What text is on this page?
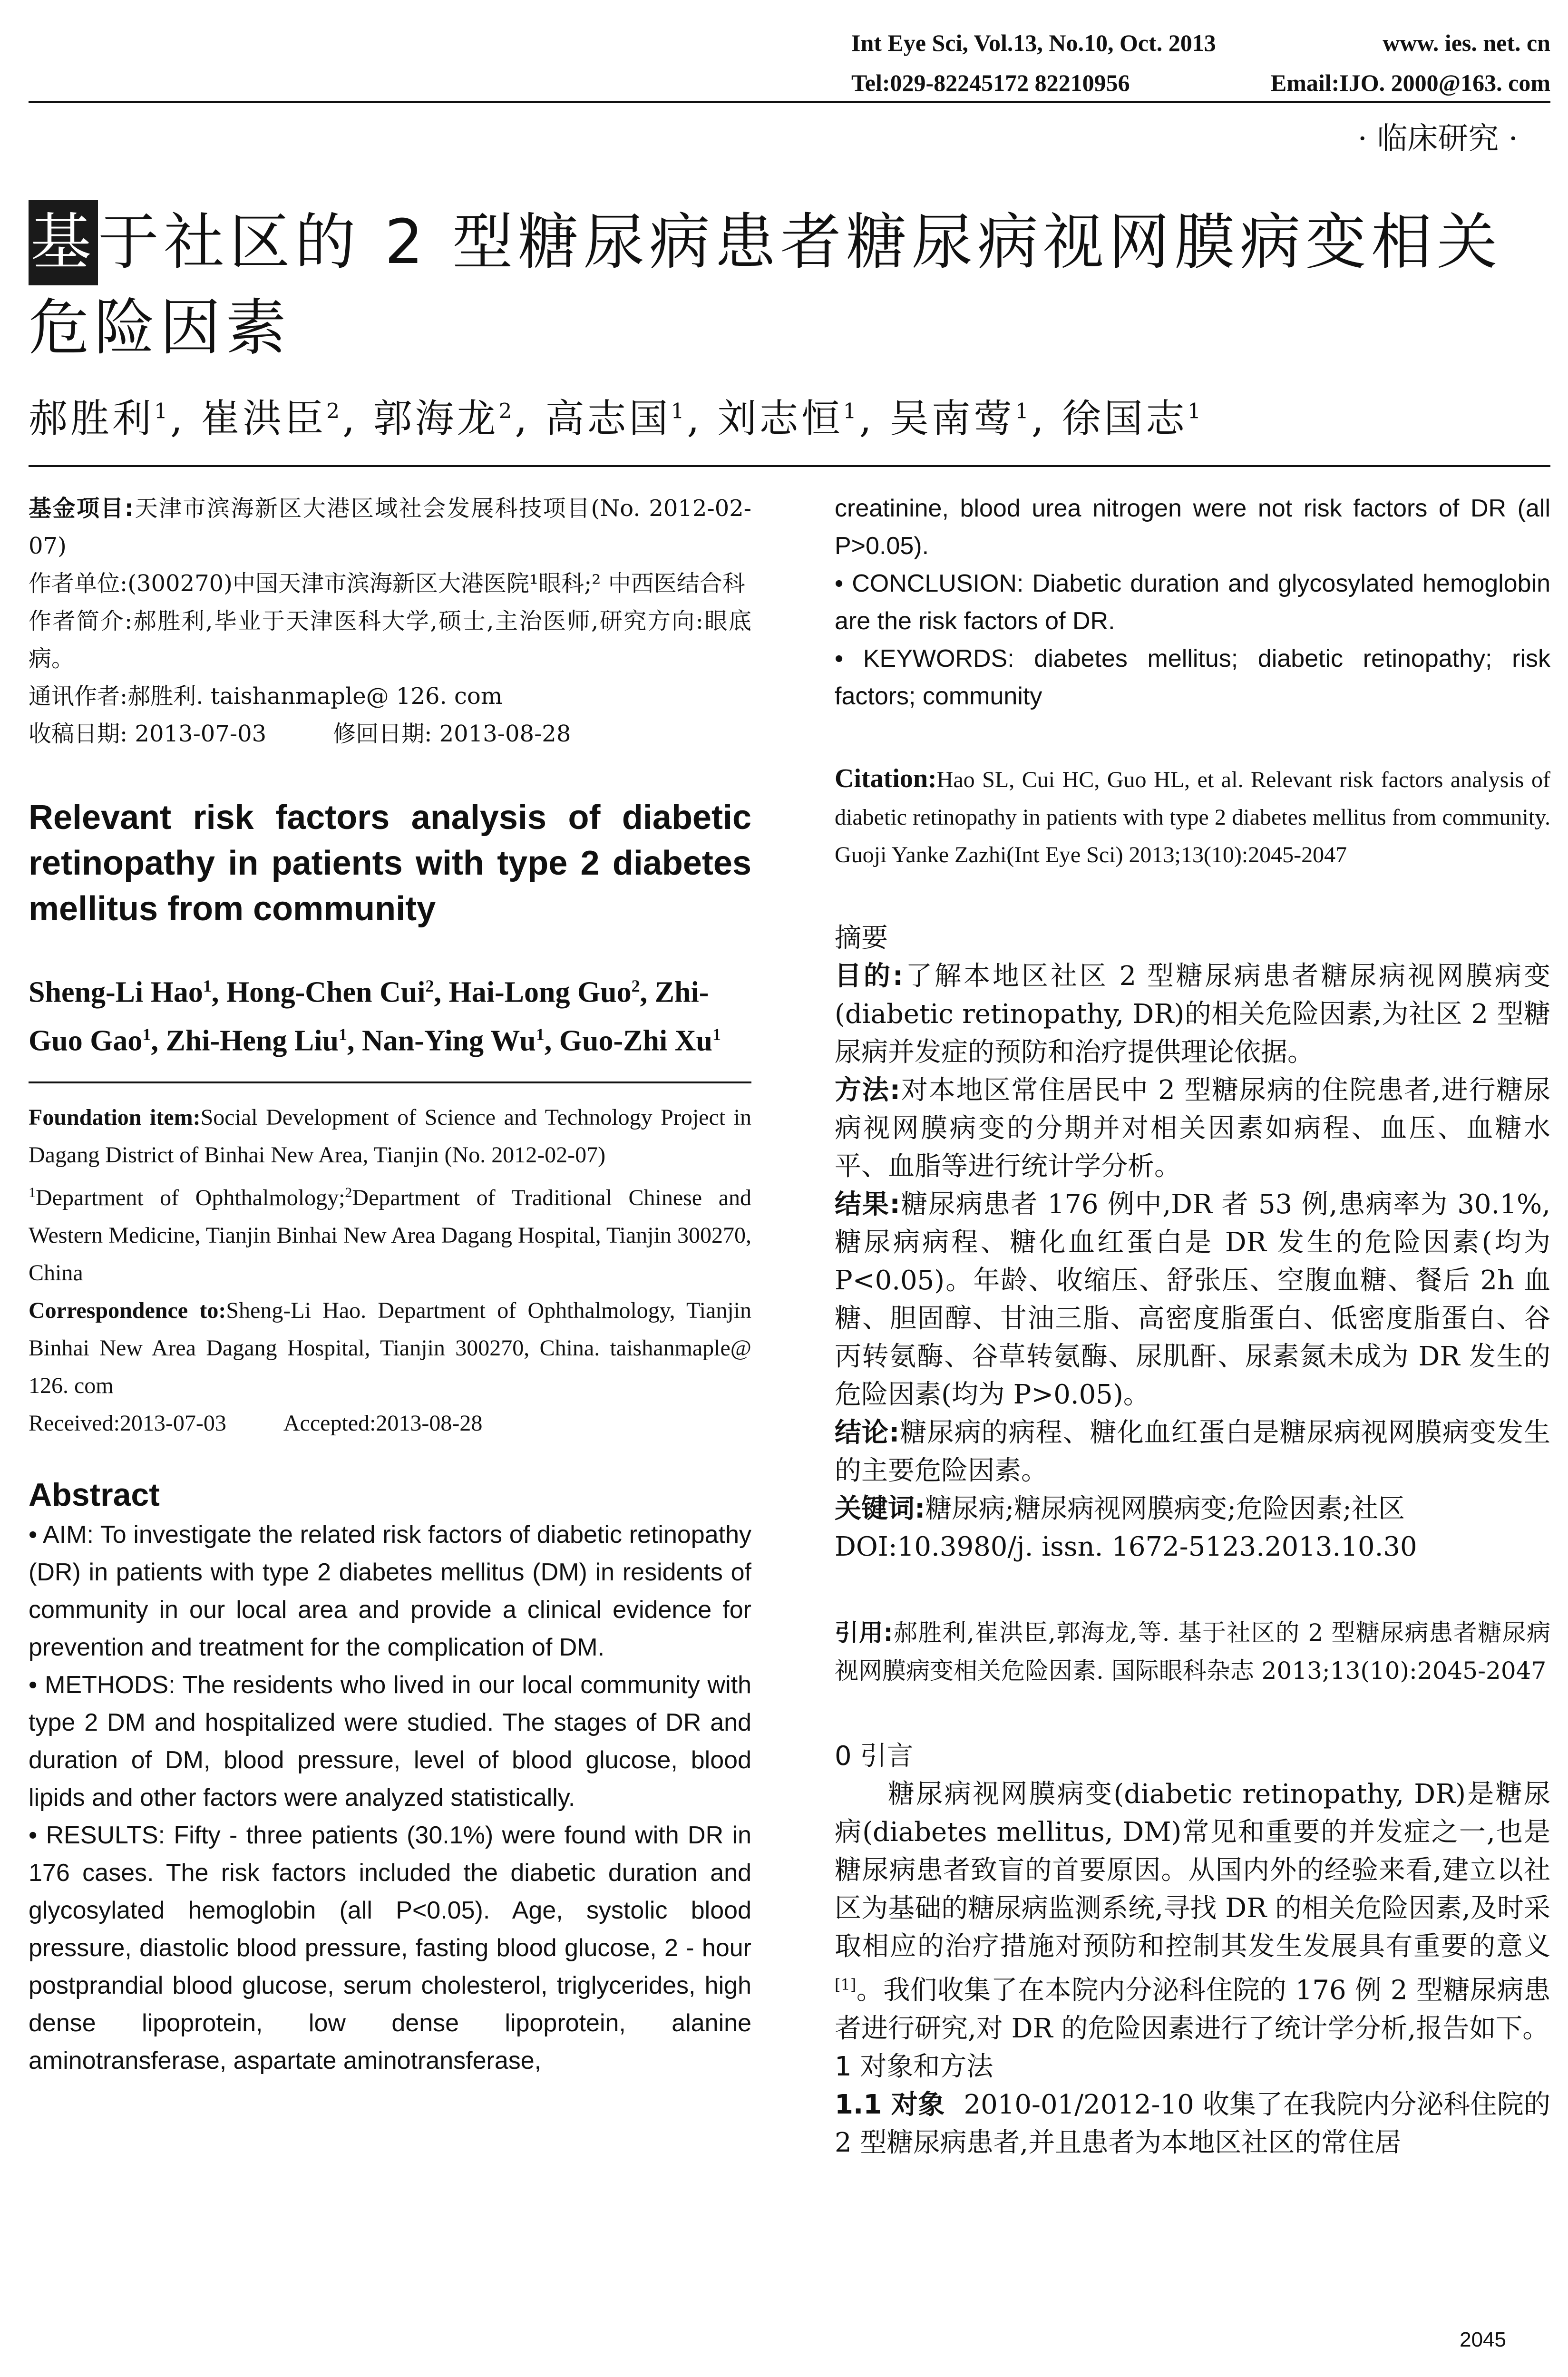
Int Eye Sci, Vol.13, No.10, Oct. 2013	www. ies. net. cn
Tel:029-82245172 82210956	Email:IJO. 2000@163. com
· 临床研究 ·
基于社区的 2 型糖尿病患者糖尿病视网膜病变相关危险因素
郝胜利$^1$, 崔洪臣$^2$, 郭海龙$^2$, 高志国$^1$, 刘志恒$^1$, 吴南莺$^1$, 徐国志$^1$
基金项目:天津市滨海新区大港区域社会发展科技项目(No. 2012-02-07)
作者单位:(300270)中国天津市滨海新区大港医院¹眼科;² 中西医结合科
作者简介:郝胜利,毕业于天津医科大学,硕士,主治医师,研究方向:眼底病。
通讯作者:郝胜利. taishanmaple@ 126. com
收稿日期: 2013-07-03	修回日期: 2013-08-28
Relevant risk factors analysis of diabetic retinopathy in patients with type 2 diabetes mellitus from community
Sheng-Li Hao$^1$, Hong-Chen Cui$^2$, Hai-Long Guo$^2$, Zhi-Guo Gao$^1$, Zhi-Heng Liu$^1$, Nan-Ying Wu$^1$, Guo-Zhi Xu$^1$
Foundation item:Social Development of Science and Technology Project in Dagang District of Binhai New Area, Tianjin (No. 2012-02-07)
$^1$Department of Ophthalmology;$^2$Department of Traditional Chinese and Western Medicine, Tianjin Binhai New Area Dagang Hospital, Tianjin 300270, China
Correspondence to:Sheng-Li Hao. Department of Ophthalmology, Tianjin Binhai New Area Dagang Hospital, Tianjin 300270, China. taishanmaple@ 126. com
Received:2013-07-03	Accepted:2013-08-28
Abstract

• AIM: To investigate the related risk factors of diabetic retinopathy (DR) in patients with type 2 diabetes mellitus (DM) in residents of community in our local area and provide a clinical evidence for prevention and treatment for the complication of DM.

• METHODS: The residents who lived in our local community with type 2 DM and hospitalized were studied. The stages of DR and duration of DM, blood pressure, level of blood glucose, blood lipids and other factors were analyzed statistically.

• RESULTS: Fifty - three patients (30.1%) were found with DR in 176 cases. The risk factors included the diabetic duration and glycosylated hemoglobin (all P<0.05). Age, systolic blood pressure, diastolic blood pressure, fasting blood glucose, 2 - hour postprandial blood glucose, serum cholesterol, triglycerides, high dense lipoprotein, low dense lipoprotein, alanine aminotransferase, aspartate aminotransferase,

creatinine, blood urea nitrogen were not risk factors of DR (all P>0.05).

• CONCLUSION: Diabetic duration and glycosylated hemoglobin are the risk factors of DR.

• KEYWORDS: diabetes mellitus; diabetic retinopathy; risk factors; community

Citation:Hao SL, Cui HC, Guo HL, et al. Relevant risk factors analysis of diabetic retinopathy in patients with type 2 diabetes mellitus from community. Guoji Yanke Zazhi(Int Eye Sci) 2013;13(10):2045-2047
摘要

目的:了解本地区社区 2 型糖尿病患者糖尿病视网膜病变(diabetic retinopathy, DR)的相关危险因素,为社区 2 型糖尿病并发症的预防和治疗提供理论依据。

方法:对本地区常住居民中 2 型糖尿病的住院患者,进行糖尿病视网膜病变的分期并对相关因素如病程、血压、血糖水平、血脂等进行统计学分析。

结果:糖尿病患者 176 例中,DR 者 53 例,患病率为 30.1%,糖尿病病程、糖化血红蛋白是 DR 发生的危险因素(均为 P<0.05)。年龄、收缩压、舒张压、空腹血糖、餐后 2h 血糖、胆固醇、甘油三脂、高密度脂蛋白、低密度脂蛋白、谷丙转氨酶、谷草转氨酶、尿肌酐、尿素氮未成为 DR 发生的危险因素(均为 P>0.05)。

结论:糖尿病的病程、糖化血红蛋白是糖尿病视网膜病变发生的主要危险因素。

关键词:糖尿病;糖尿病视网膜病变;危险因素;社区

DOI:10.3980/j. issn. 1672-5123.2013.10.30

引用:郝胜利,崔洪臣,郭海龙,等. 基于社区的 2 型糖尿病患者糖尿病视网膜病变相关危险因素. 国际眼科杂志 2013;13(10):2045-2047
0 引言
糖尿病视网膜病变(diabetic retinopathy, DR)是糖尿病(diabetes mellitus, DM)常见和重要的并发症之一,也是糖尿病患者致盲的首要原因。从国内外的经验来看,建立以社区为基础的糖尿病监测系统,寻找 DR 的相关危险因素,及时采取相应的治疗措施对预防和控制其发生发展具有重要的意义[1]。我们收集了在本院内分泌科住院的 176 例 2 型糖尿病患者进行研究,对 DR 的危险因素进行了统计学分析,报告如下。
1 对象和方法
1.1 对象 2010-01/2012-10 收集了在我院内分泌科住院的 2 型糖尿病患者,并且患者为本地区社区的常住居
2045
